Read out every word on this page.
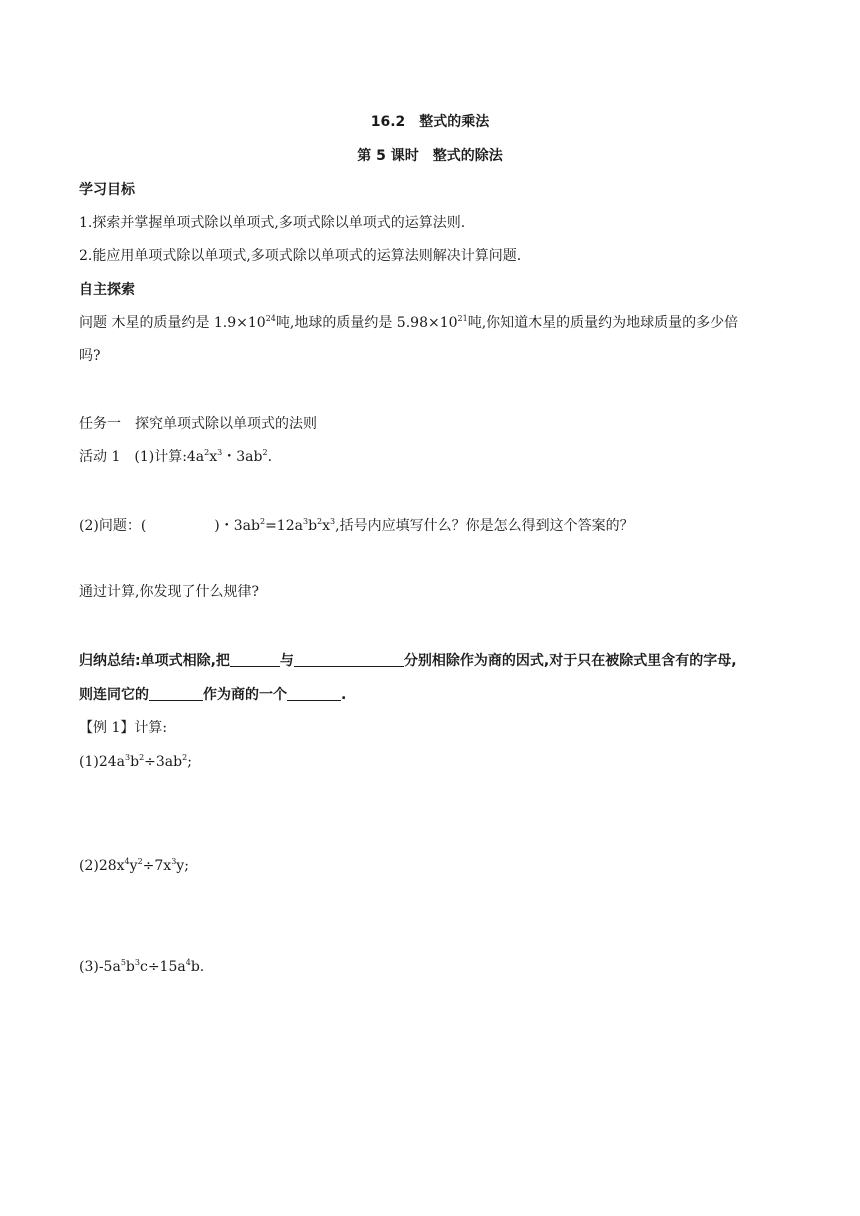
16.2　整式的乘法
第 5 课时　整式的除法
学习目标
1.探索并掌握单项式除以单项式,多项式除以单项式的运算法则.
2.能应用单项式除以单项式,多项式除以单项式的运算法则解决计算问题.
自主探索
问题 木星的质量约是 $1.9\times 10^{24}$吨,地球的质量约是 $5.98\times 10^{21}$吨,你知道木星的质量约为地球质量的多少倍
吗?
任务一　探究单项式除以单项式的法则
活动 1　(1)计算$:4a^2x^3$・$3ab^2$.
(2)问题：(	)・$3ab^2=12a^3b^2x^3$,括号内应填写什么？你是怎么得到这个答案的？
通过计算,你发现了什么规律?
归纳总结:单项式相除,把	与	分别相除作为商的因式,对于只在被除式里含有的字母,
则连同它的	作为商的一个	.
【例 1】计算:
$(1)24a^3b^2\div 3ab^2$;
$(2)28x^4y^2\div 7x^3y$;
$(3)-5a^5b^3c\div 15a^4b$.
